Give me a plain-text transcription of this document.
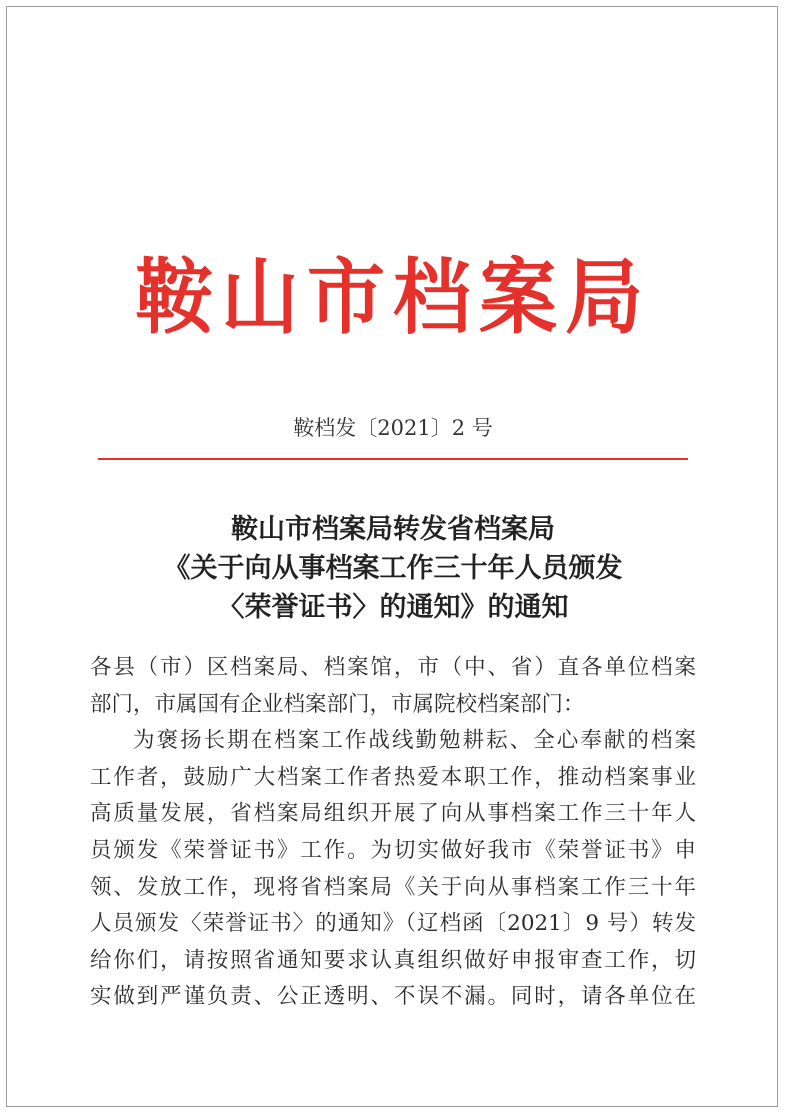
鞍山市档案局
鞍档发〔2021〕2 号
鞍山市档案局转发省档案局
《关于向从事档案工作三十年人员颁发
〈荣誉证书〉的通知》的通知
各县（市）区档案局、档案馆，市（中、省）直各单位档案
部门，市属国有企业档案部门，市属院校档案部门：
为褒扬长期在档案工作战线勤勉耕耘、全心奉献的档案
工作者，鼓励广大档案工作者热爱本职工作，推动档案事业
高质量发展，省档案局组织开展了向从事档案工作三十年人
员颁发《荣誉证书》工作。为切实做好我市《荣誉证书》申
领、发放工作，现将省档案局《关于向从事档案工作三十年
人员颁发〈荣誉证书〉的通知》（辽档函〔2021〕9 号）转发
给你们，请按照省通知要求认真组织做好申报审查工作，切
实做到严谨负责、公正透明、不误不漏。同时，请各单位在
